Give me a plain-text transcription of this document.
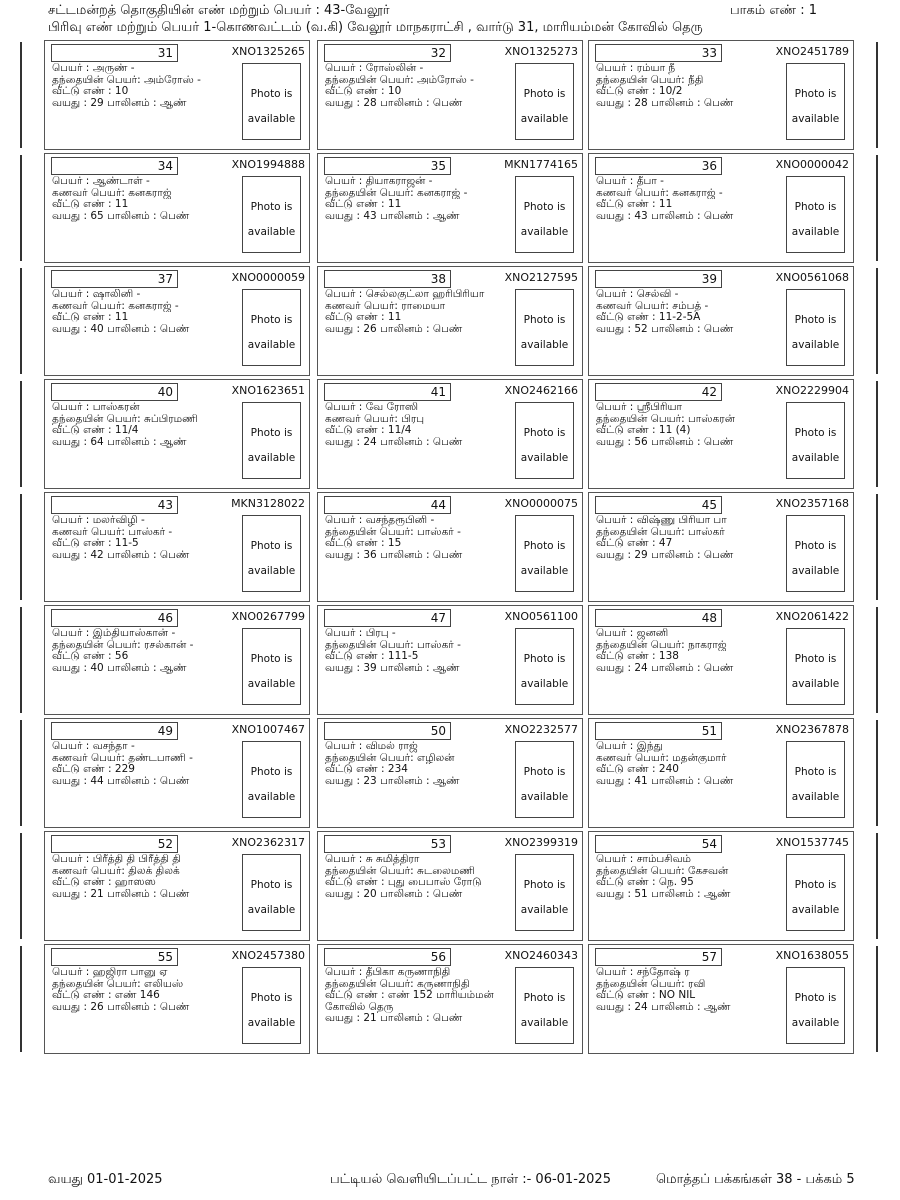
சட்டமன்றத் தொகுதியின் எண் மற்றும் பெயர் : 43-வேலூர்
பிரிவு எண் மற்றும் பெயர் 1-கொணவட்டம் (வ.கி) வேலூர் மாநகராட்சி , வார்டு 31, மாரியம்மன் கோவில் தெரு
பாகம் எண் : 1
31	XNO1325265
பெயர் : அருண் -
தந்தையின் பெயர்: அம்ரோஸ் -
வீட்டு எண் : 10
வயது : 29 பாலினம் : ஆண்
Photo is
available
32	XNO1325273
பெயர் : ரோஸ்லின் -
தந்தையின் பெயர்: அம்ரோஸ் -
வீட்டு எண் : 10
வயது : 28 பாலினம் : பெண்
Photo is
available
33	XNO2451789
பெயர் : ரம்யா நீ
தந்தையின் பெயர்: நீதி
வீட்டு எண் : 10/2
வயது : 28 பாலினம் : பெண்
Photo is
available
34	XNO1994888
பெயர் : ஆண்டாள் -
கணவர் பெயர்: கனகராஜ்
வீட்டு எண் : 11
வயது : 65 பாலினம் : பெண்
Photo is
available
35	MKN1774165
பெயர் : தியாகராஜன் -
தந்தையின் பெயர்: கனகராஜ் -
வீட்டு எண் : 11
வயது : 43 பாலினம் : ஆண்
Photo is
available
36	XNO0000042
பெயர் : தீபா -
கணவர் பெயர்: கனகராஜ் -
வீட்டு எண் : 11
வயது : 43 பாலினம் : பெண்
Photo is
available
37	XNO0000059
பெயர் : ஷாலினி -
கணவர் பெயர்: கனகராஜ் -
வீட்டு எண் : 11
வயது : 40 பாலினம் : பெண்
Photo is
available
38	XNO2127595
பெயர் : செல்லகுட்லா ஹரிபிரியா
கணவர் பெயர்: ராமையா
வீட்டு எண் : 11
வயது : 26 பாலினம் : பெண்
Photo is
available
39	XNO0561068
பெயர் : செல்வி -
கணவர் பெயர்: சம்பத் -
வீட்டு எண் : 11-2-5A
வயது : 52 பாலினம் : பெண்
Photo is
available
40	XNO1623651
பெயர் : பாஸ்கரன்
தந்தையின் பெயர்: சுப்பிரமணி
வீட்டு எண் : 11/4
வயது : 64 பாலினம் : ஆண்
Photo is
available
41	XNO2462166
பெயர் : வே ரோஸி
கணவர் பெயர்: பிரபு
வீட்டு எண் : 11/4
வயது : 24 பாலினம் : பெண்
Photo is
available
42	XNO2229904
பெயர் : ஸ்ரீபிரியா
தந்தையின் பெயர்: பாஸ்கரன்
வீட்டு எண் : 11 (4)
வயது : 56 பாலினம் : பெண்
Photo is
available
43	MKN3128022
பெயர் : மலர்விழி -
கணவர் பெயர்: பாஸ்கர் -
வீட்டு எண் : 11-5
வயது : 42 பாலினம் : பெண்
Photo is
available
44	XNO0000075
பெயர் : வசந்தரூபினி -
தந்தையின் பெயர்: பாஸ்கர் -
வீட்டு எண் : 15
வயது : 36 பாலினம் : பெண்
Photo is
available
45	XNO2357168
பெயர் : விஷ்ணு பிரியா பா
தந்தையின் பெயர்: பாஸ்கர்
வீட்டு எண் : 47
வயது : 29 பாலினம் : பெண்
Photo is
available
46	XNO0267799
பெயர் : இம்தியாஸ்கான் -
தந்தையின் பெயர்: ரசல்கான் -
வீட்டு எண் : 56
வயது : 40 பாலினம் : ஆண்
Photo is
available
47	XNO0561100
பெயர் : பிரபு -
தந்தையின் பெயர்: பாஸ்கர் -
வீட்டு எண் : 111-5
வயது : 39 பாலினம் : ஆண்
Photo is
available
48	XNO2061422
பெயர் : ஜனனி
தந்தையின் பெயர்: நாகராஜ்
வீட்டு எண் : 138
வயது : 24 பாலினம் : பெண்
Photo is
available
49	XNO1007467
பெயர் : வசந்தா -
கணவர் பெயர்: தண்டபாணி -
வீட்டு எண் : 229
வயது : 44 பாலினம் : பெண்
Photo is
available
50	XNO2232577
பெயர் : விமல் ராஜ்
தந்தையின் பெயர்: எழிலன்
வீட்டு எண் : 234
வயது : 23 பாலினம் : ஆண்
Photo is
available
51	XNO2367878
பெயர் : இந்து
கணவர் பெயர்: மதன்குமார்
வீட்டு எண் : 240
வயது : 41 பாலினம் : பெண்
Photo is
available
52	XNO2362317
பெயர் : பிரீத்தி தி பிரீத்தி தி
கணவர் பெயர்: திலக் திலக்
வீட்டு எண் : ஹாஸஸ
வயது : 21 பாலினம் : பெண்
Photo is
available
53	XNO2399319
பெயர் : சு சுமித்திரா
தந்தையின் பெயர்: சுடலைமணி
வீட்டு எண் : புது பைபாஸ் ரோடு
வயது : 20 பாலினம் : பெண்
Photo is
available
54	XNO1537745
பெயர் : சாம்பசிவம்
தந்தையின் பெயர்: கேசவன்
வீட்டு எண் : நெ. 95
வயது : 51 பாலினம் : ஆண்
Photo is
available
55	XNO2457380
பெயர் : ஹஜிரா பானு ஏ
தந்தையின் பெயர்: எலியஸ்
வீட்டு எண் : எண் 146
வயது : 26 பாலினம் : பெண்
Photo is
available
56	XNO2460343
பெயர் : தீபிகா கருணாநிதி
தந்தையின் பெயர்: கருணாநிதி
வீட்டு எண் : எண் 152 மாரியம்மன்
கோவில் தெரு
வயது : 21 பாலினம் : பெண்
Photo is
available
57	XNO1638055
பெயர் : சந்தோஷ் ர
தந்தையின் பெயர்: ரவி
வீட்டு எண் : NO NIL
வயது : 24 பாலினம் : ஆண்
Photo is
available
வயது 01-01-2025	பட்டியல் வெளியிடப்பட்ட நாள் :- 06-01-2025	மொத்தப் பக்கங்கள் 38 - பக்கம் 5
